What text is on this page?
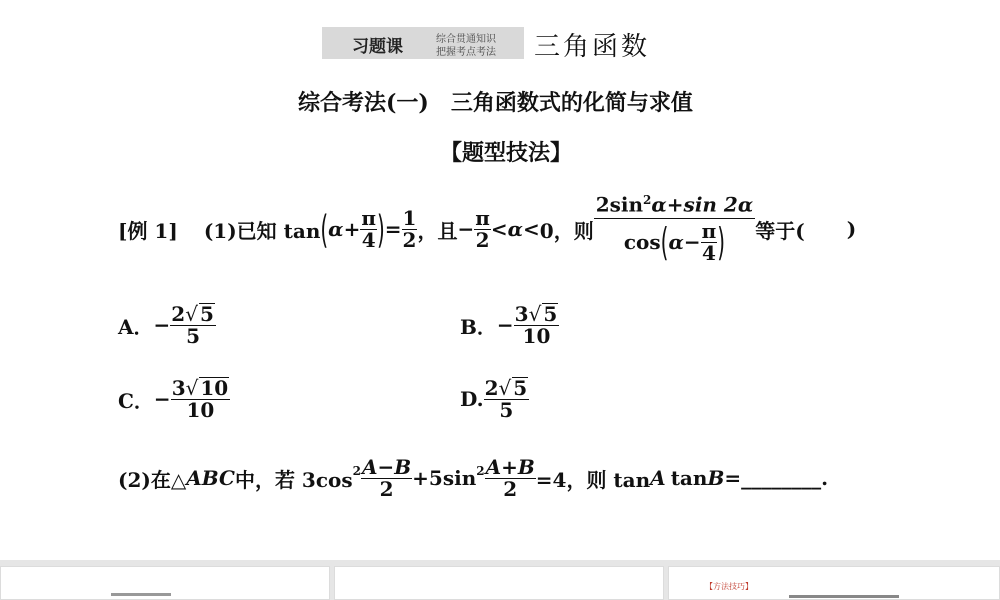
习题课	综合贯通知识
把握考点考法 三角函数
综合考法(一)　三角函数式的化简与求值
【题型技法】
[例 1] (1)已知 tan ( $\alpha + \frac{\pi}{4}$ ) = $\frac{1}{2}$ ，且 − $\frac{\pi}{2} < \alpha < 0$，则
$2\sin^2\alpha+\sin$ 2α
cos ( $\alpha - \frac{\pi}{4}$ ) 等于( )
A． − $\frac{2√ 5}{5}$	B． − $\frac{3√ 5}{10}$
C． − $\frac{3√ 10}{10}$	D. $\frac{2√ 5}{5}$
(2)在△ ABC 中，若 $3\cos^2 \frac{A-B}{2} +5\sin^2 \frac{A+B}{2} =4$，则 tan A tan B =________.
【方法技巧】
